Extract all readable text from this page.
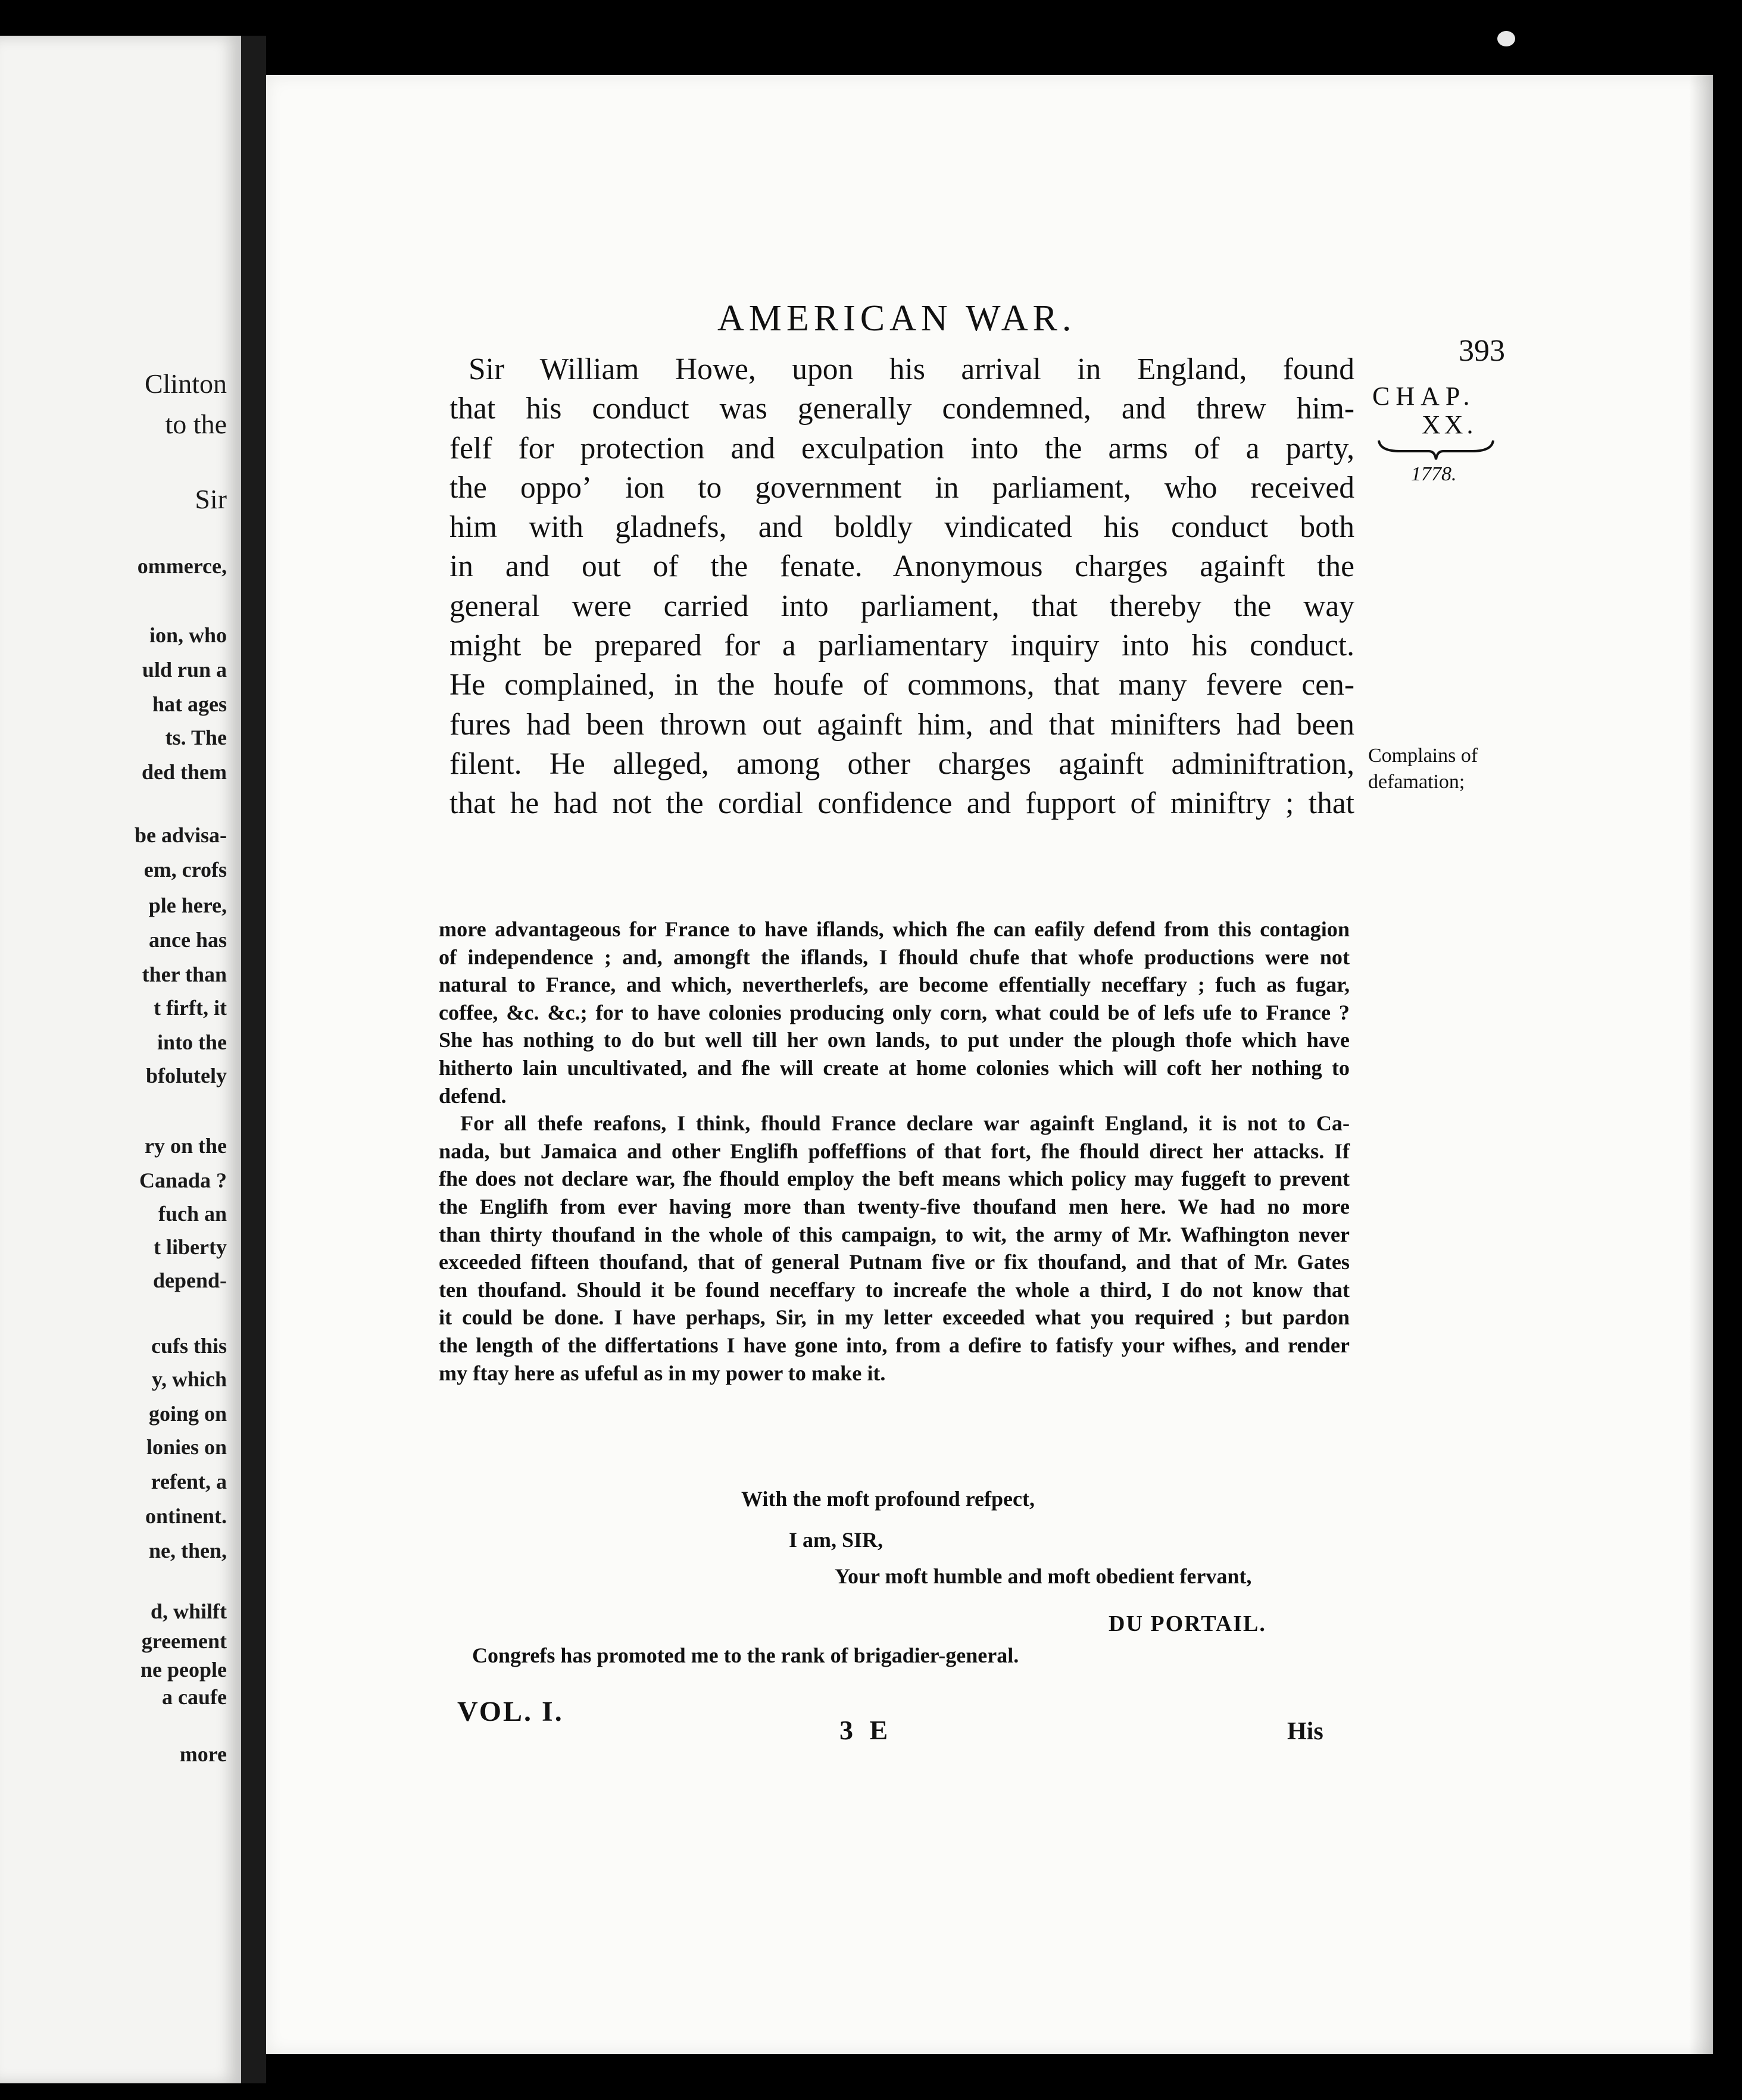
Clinton
to the
Sir
ommerce,
ion, who
uld run a
hat ages
ts. The
ded them
be advisa-
em, crofs
ple here,
ance has
ther than
t firft, it
into the
bfolutely
ry on the
Canada ?
fuch an
t liberty
depend-
cufs this
y, which
going on
lonies on
refent, a
ontinent.
ne, then,
d, whilft
greement
ne people
a caufe
more
AMERICAN WAR.
393
CHAP.
XX.
1778.
Complains of
defamation;
Sir William Howe, upon his arrival in England, found
that his conduct was generally condemned, and threw him-
felf for protection and exculpation into the arms of a party,
the oppoʼ ion to government in parliament, who received
him with gladnefs, and boldly vindicated his conduct both
in and out of the fenate. Anonymous charges againft the
general were carried into parliament, that thereby the way
might be prepared for a parliamentary inquiry into his conduct.
He complained, in the houfe of commons, that many fevere cen-
fures had been thrown out againft him, and that minifters had been
filent. He alleged, among other charges againft adminiftration,
that he had not the cordial confidence and fupport of miniftry ; that
more advantageous for France to have iflands, which fhe can eafily defend from this contagion
of independence ; and, amongft the iflands, I fhould chufe that whofe productions were not
natural to France, and which, nevertherlefs, are become effentially neceffary ; fuch as fugar,
coffee, &c. &c.; for to have colonies producing only corn, what could be of lefs ufe to France ?
She has nothing to do but well till her own lands, to put under the plough thofe which have
hitherto lain uncultivated, and fhe will create at home colonies which will coft her nothing to
defend.
For all thefe reafons, I think, fhould France declare war againft England, it is not to Ca-
nada, but Jamaica and other Englifh poffeffions of that fort, fhe fhould direct her attacks. If
fhe does not declare war, fhe fhould employ the beft means which policy may fuggeft to prevent
the Englifh from ever having more than twenty-five thoufand men here. We had no more
than thirty thoufand in the whole of this campaign, to wit, the army of Mr. Wafhington never
exceeded fifteen thoufand, that of general Putnam five or fix thoufand, and that of Mr. Gates
ten thoufand. Should it be found neceffary to increafe the whole a third, I do not know that
it could be done. I have perhaps, Sir, in my letter exceeded what you required ; but pardon
the length of the differtations I have gone into, from a defire to fatisfy your wifhes, and render
my ftay here as ufeful as in my power to make it.
With the moft profound refpect,
I am, SIR,
Your moft humble and moft obedient fervant,
DU PORTAIL.
Congrefs has promoted me to the rank of brigadier-general.
VOL. I.
3 E	His
